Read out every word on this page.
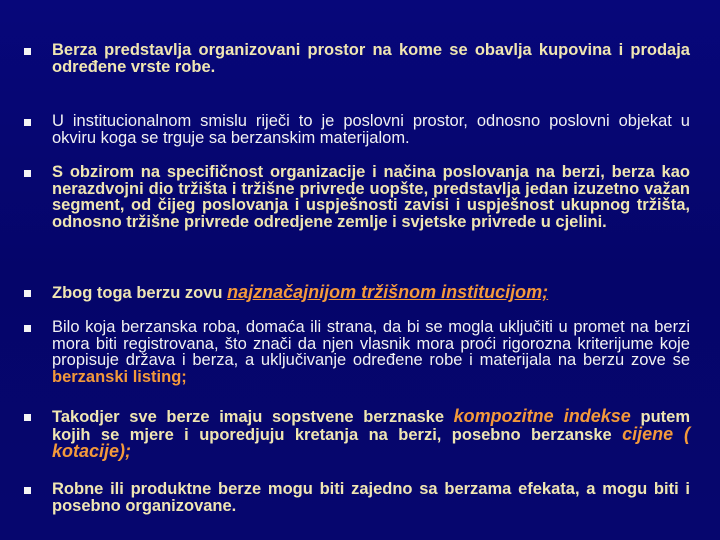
Berza predstavlja organizovani prostor na kome se obavlja kupovina i prodaja određene vrste robe.
U institucionalnom smislu riječi to je poslovni prostor, odnosno poslovni objekat u okviru koga se trguje sa berzanskim materijalom.
S obzirom na specifičnost organizacije i načina poslovanja na berzi, berza kao nerazdvojni dio tržišta i tržišne privrede uopšte, predstavlja jedan izuzetno važan segment, od čijeg poslovanja i uspješnosti zavisi i uspješnost ukupnog tržišta, odnosno tržišne privrede odredjene zemlje i svjetske privrede u cjelini.
Zbog toga berzu zovu najznačajnijom tržišnom institucijom;
Bilo koja berzanska roba, domaća ili strana, da bi se mogla uključiti u promet na berzi mora biti registrovana, što znači da njen vlasnik mora proći rigorozna kriterijume koje propisuje država i berza, a uključivanje određene robe i materijala na berzu zove se berzanski listing;
Takodjer sve berze imaju sopstvene berznaske kompozitne indekse putem kojih se mjere i uporedjuju kretanja na berzi, posebno berzanske cijene ( kotacije);
Robne ili produktne berze mogu biti zajedno sa berzama efekata, a mogu biti i posebno organizovane.
